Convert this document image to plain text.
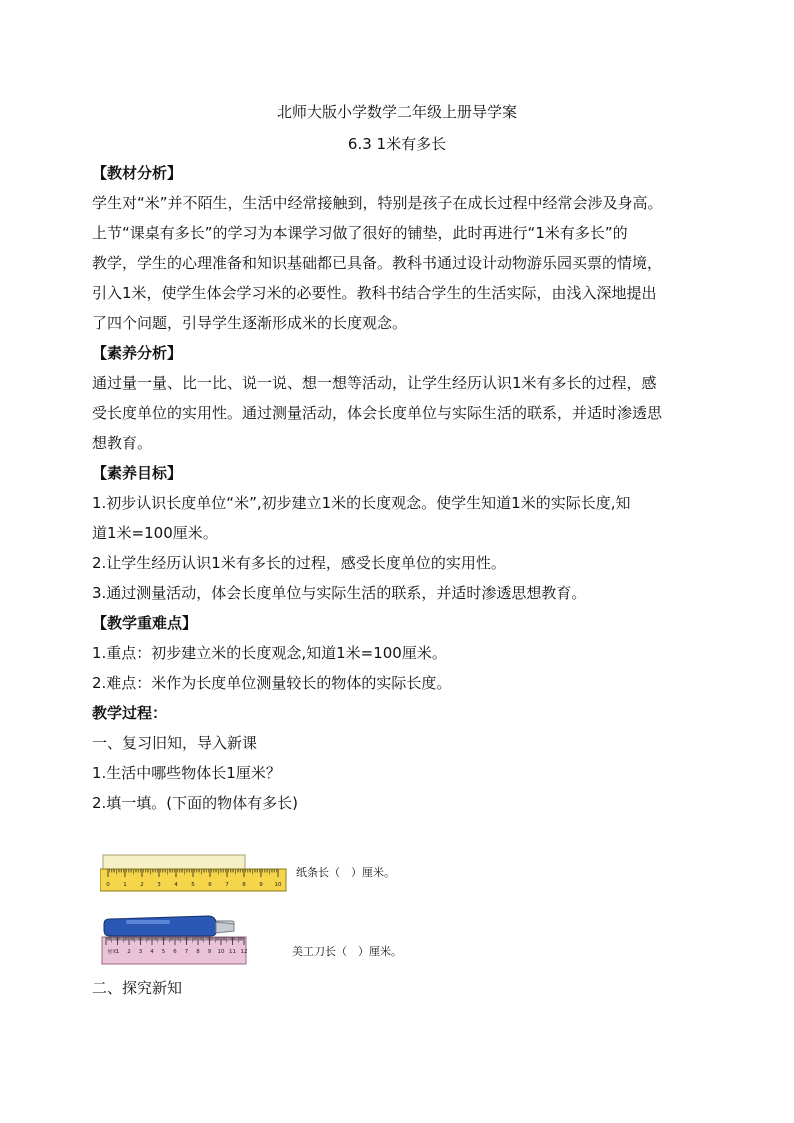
北师大版小学数学二年级上册导学案
6.3 1米有多长

【教材分析】

学生对“米”并不陌生，生活中经常接触到，特别是孩子在成长过程中经常会涉及身高。

上节“课桌有多长”的学习为本课学习做了很好的铺垫，此时再进行“1米有多长”的

教学，学生的心理准备和知识基础都已具备。教科书通过设计动物游乐园买票的情境，

引入1米，使学生体会学习米的必要性。教科书结合学生的生活实际，由浅入深地提出

了四个问题，引导学生逐渐形成米的长度观念。

【素养分析】

通过量一量、比一比、说一说、想一想等活动，让学生经历认识1米有多长的过程，感

受长度单位的实用性。通过测量活动，体会长度单位与实际生活的联系，并适时渗透思

想教育。

【素养目标】

1.初步认识长度单位“米”,初步建立1米的长度观念。使学生知道1米的实际长度,知

道1米=100厘米。

2.让学生经历认识1米有多长的过程，感受长度单位的实用性。

3.通过测量活动，体会长度单位与实际生活的联系，并适时渗透思想教育。

【教学重难点】

1.重点：初步建立米的长度观念,知道1米=100厘米。

2.难点：米作为长度单位测量较长的物体的实际长度。

教学过程：

一、复习旧知，导入新课

1.生活中哪些物体长1厘米？

2.填一填。(下面的物体有多长)

0 1 2 3 4 5 6 7 8 9 10
纸条长（　）厘米。
厘米 1 2 3 4 5 6 7 8 9 10 11 12	美工刀长（　）厘米。
二、探究新知
